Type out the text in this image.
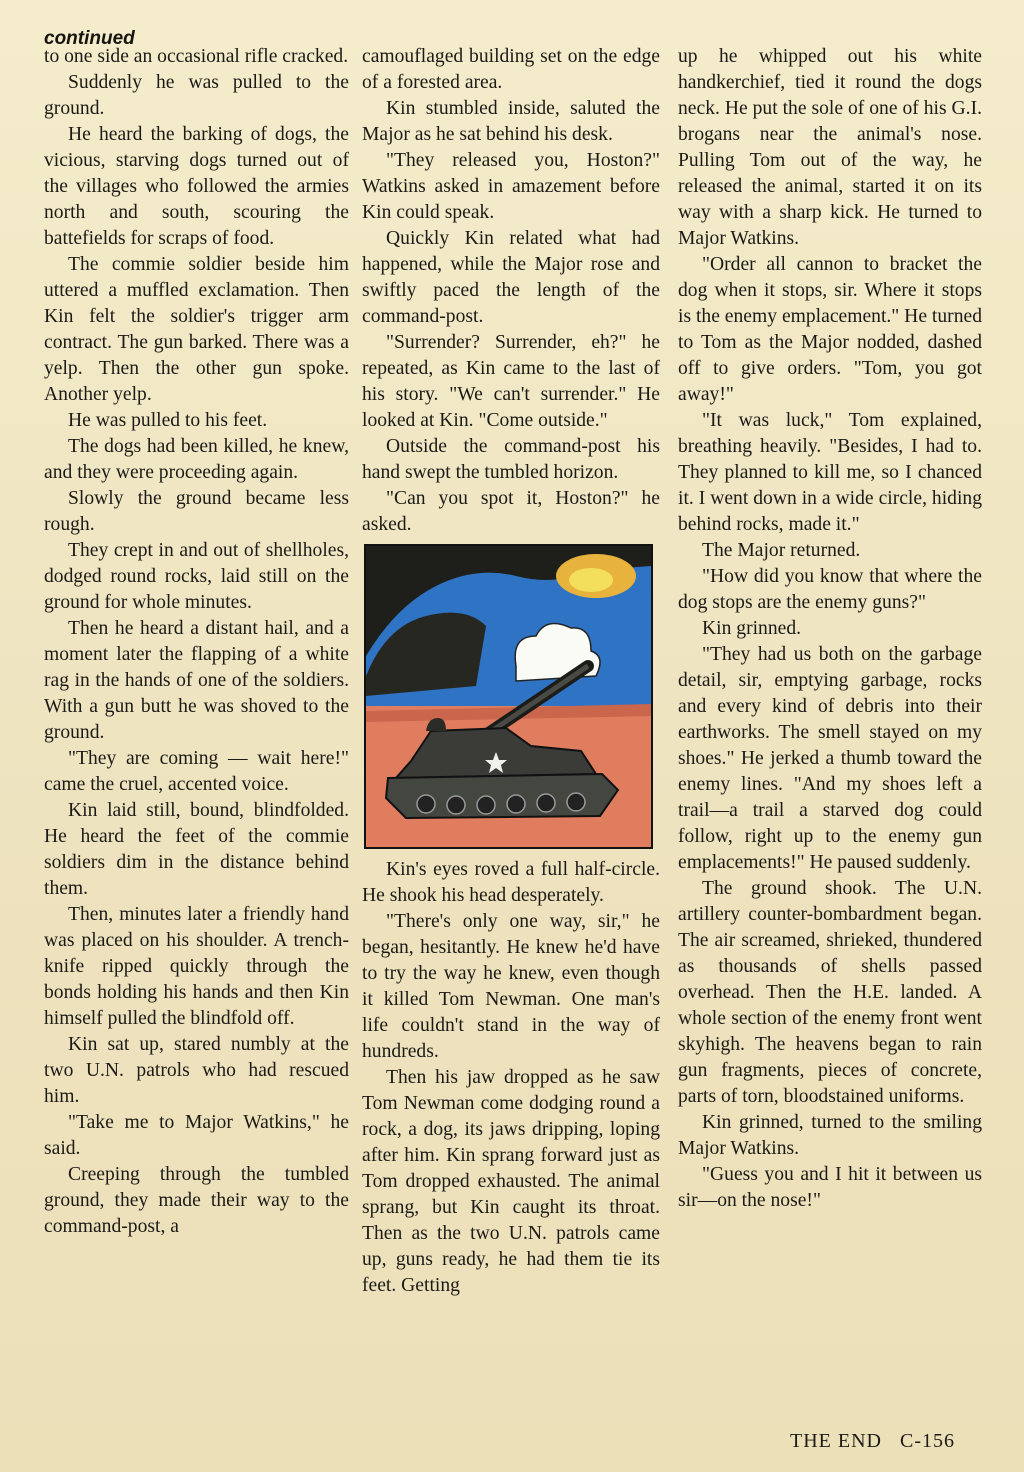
continued

to one side an occasional rifle cracked.

Suddenly he was pulled to the ground.

He heard the barking of dogs, the vicious, starving dogs turned out of the villages who followed the armies north and south, scouring the battefields for scraps of food.

The commie soldier beside him uttered a muffled exclamation. Then Kin felt the soldier's trigger arm contract. The gun barked. There was a yelp. Then the other gun spoke. Another yelp.

He was pulled to his feet.

The dogs had been killed, he knew, and they were proceeding again.

Slowly the ground became less rough.

They crept in and out of shellholes, dodged round rocks, laid still on the ground for whole minutes.

Then he heard a distant hail, and a moment later the flapping of a white rag in the hands of one of the soldiers. With a gun butt he was shoved to the ground.

"They are coming — wait here!" came the cruel, accented voice.

Kin laid still, bound, blindfolded. He heard the feet of the commie soldiers dim in the distance behind them.

Then, minutes later a friendly hand was placed on his shoulder. A trench-knife ripped quickly through the bonds holding his hands and then Kin himself pulled the blindfold off.

Kin sat up, stared numbly at the two U.N. patrols who had rescued him.

"Take me to Major Watkins," he said.

Creeping through the tumbled ground, they made their way to the command-post, a

camouflaged building set on the edge of a forested area.

Kin stumbled inside, saluted the Major as he sat behind his desk.

"They released you, Hoston?" Watkins asked in amazement before Kin could speak.

Quickly Kin related what had happened, while the Major rose and swiftly paced the length of the command-post.

"Surrender? Surrender, eh?" he repeated, as Kin came to the last of his story. "We can't surrender." He looked at Kin. "Come outside."

Outside the command-post his hand swept the tumbled horizon.

"Can you spot it, Hoston?" he asked.

Kin's eyes roved a full half-circle. He shook his head desperately.

"There's only one way, sir," he began, hesitantly. He knew he'd have to try the way he knew, even though it killed Tom Newman. One man's life couldn't stand in the way of hundreds.

Then his jaw dropped as he saw Tom Newman come dodging round a rock, a dog, its jaws dripping, loping after him. Kin sprang forward just as Tom dropped exhausted. The animal sprang, but Kin caught its throat. Then as the two U.N. patrols came up, guns ready, he had them tie its feet. Getting

up he whipped out his white handkerchief, tied it round the dogs neck. He put the sole of one of his G.I. brogans near the animal's nose. Pulling Tom out of the way, he released the animal, started it on its way with a sharp kick. He turned to Major Watkins.

"Order all cannon to bracket the dog when it stops, sir. Where it stops is the enemy emplacement." He turned to Tom as the Major nodded, dashed off to give orders. "Tom, you got away!"

"It was luck," Tom explained, breathing heavily. "Besides, I had to. They planned to kill me, so I chanced it. I went down in a wide circle, hiding behind rocks, made it."

The Major returned.

"How did you know that where the dog stops are the enemy guns?"

Kin grinned.

"They had us both on the garbage detail, sir, emptying garbage, rocks and every kind of debris into their earthworks. The smell stayed on my shoes." He jerked a thumb toward the enemy lines. "And my shoes left a trail—a trail a starved dog could follow, right up to the enemy gun emplacements!" He paused suddenly.

The ground shook. The U.N. artillery counter-bombardment began. The air screamed, shrieked, thundered as thousands of shells passed overhead. Then the H.E. landed. A whole section of the enemy front went skyhigh. The heavens began to rain gun fragments, pieces of concrete, parts of torn, bloodstained uniforms.

Kin grinned, turned to the smiling Major Watkins.

"Guess you and I hit it between us sir—on the nose!"

THE END C-156
